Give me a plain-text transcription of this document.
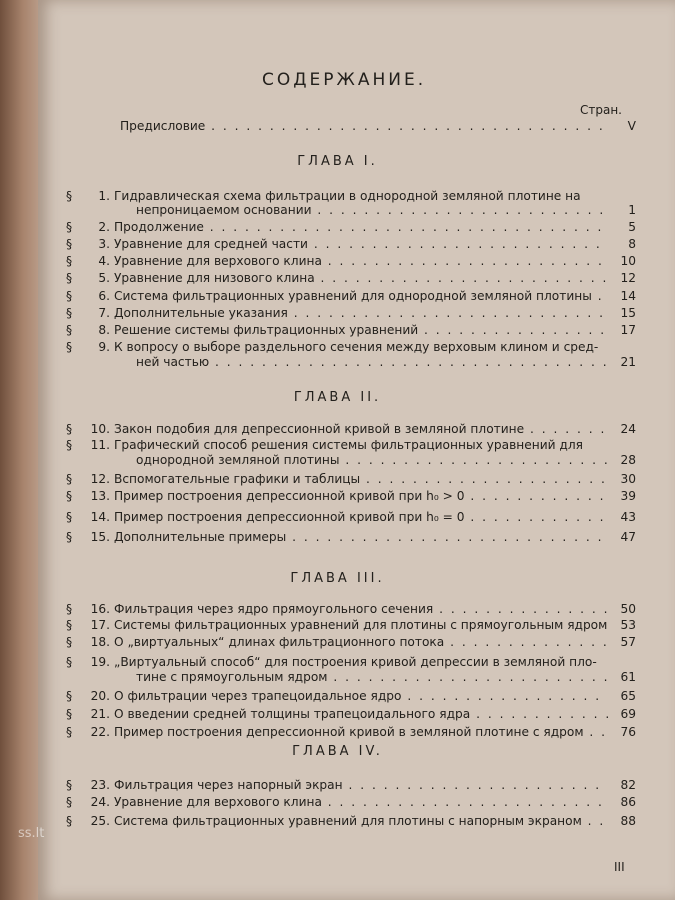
СОДЕРЖАНИЕ.
Стран.
Предисловие . . .	V
ГЛАВА I.
§	1. Гидравлическая схема фильтрации в однородной земляной плотине на
непроницаемом основании . . .	1
§	2. Продолжение . . .	5
§	3. Уравнение для средней части . . .	8
§	4. Уравнение для верхового клина . . .	10
§	5. Уравнение для низового клина . . .	12
§	6. Система фильтрационных уравнений для однородной земляной плотины . . .	14
§	7. Дополнительные указания . . .	15
§	8. Решение системы фильтрационных уравнений . . .	17
§	9. К вопросу о выборе раздельного сечения между верховым клином и сред-
ней частью . . .	21
§	10. Закон подобия для депрессионной кривой в земляной плотине . . .	24
§	11. Графический способ решения системы фильтрационных уравнений для
однородной земляной плотины . . .	28
§	12. Вспомогательные графики и таблицы . . .	30
§	13. Пример построения депрессионной кривой при h₀ > 0 . . .	39
§	14. Пример построения депрессионной кривой при h₀ = 0 . . .	43
§	15. Дополнительные примеры . . .	47
§	16. Фильтрация через ядро прямоугольного сечения . . .	50
§	17. Системы фильтрационных уравнений для плотины с прямоугольным ядром . . .	53
§	18. О „виртуальных“ длинах фильтрационного потока . . .	57
§	19. „Виртуальный способ“ для построения кривой депрессии в земляной пло-
тине с прямоугольным ядром . . .	61
§	20. О фильтрации через трапецоидальное ядро . . .	65
§	21. О введении средней толщины трапецоидального ядра . . .	69
§	22. Пример построения депрессионной кривой в земляной плотине с ядром . . .	76
§	23. Фильтрация через напорный экран . . .	82
§	24. Уравнение для верхового клина . . .	86
§	25. Система фильтрационных уравнений для плотины с напорным экраном . . .	88
ГЛАВА II.
ГЛАВА III.
ГЛАВА IV.
III
ss.lt
